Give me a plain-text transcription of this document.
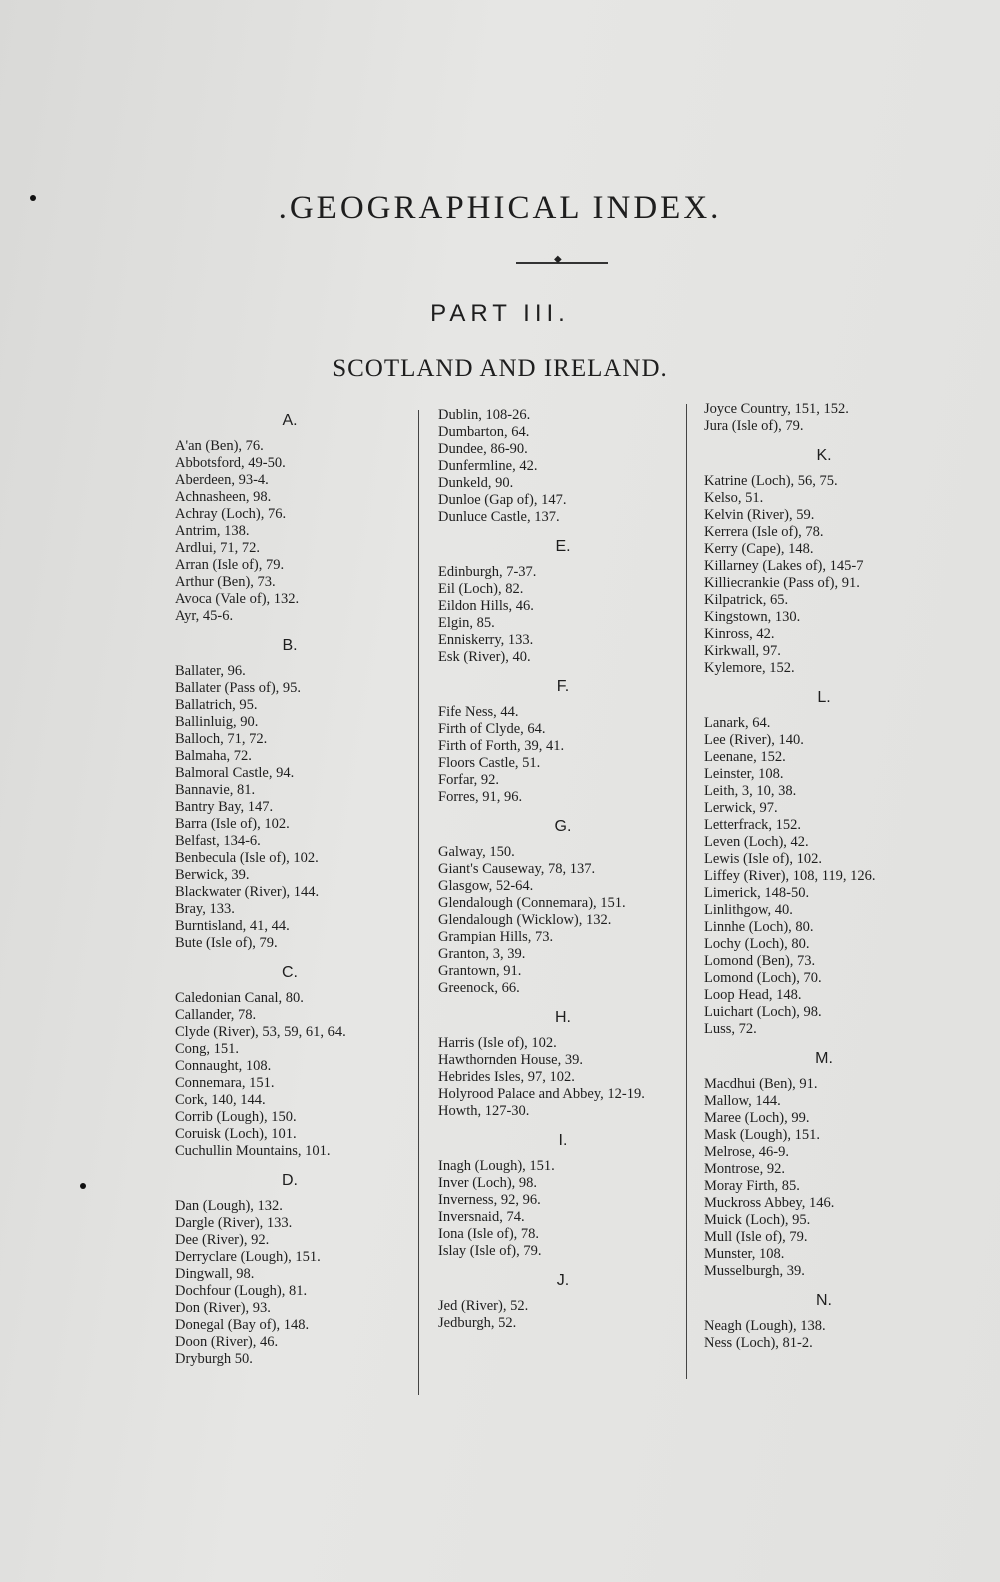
.GEOGRAPHICAL INDEX.
◆
PART III.
SCOTLAND AND IRELAND.
A.
A'an (Ben), 76.
Abbotsford, 49-50.
Aberdeen, 93-4.
Achnasheen, 98.
Achray (Loch), 76.
Antrim, 138.
Ardlui, 71, 72.
Arran (Isle of), 79.
Arthur (Ben), 73.
Avoca (Vale of), 132.
Ayr, 45-6.
B.
Ballater, 96.
Ballater (Pass of), 95.
Ballatrich, 95.
Ballinluig, 90.
Balloch, 71, 72.
Balmaha, 72.
Balmoral Castle, 94.
Bannavie, 81.
Bantry Bay, 147.
Barra (Isle of), 102.
Belfast, 134-6.
Benbecula (Isle of), 102.
Berwick, 39.
Blackwater (River), 144.
Bray, 133.
Burntisland, 41, 44.
Bute (Isle of), 79.
C.
Caledonian Canal, 80.
Callander, 78.
Clyde (River), 53, 59, 61, 64.
Cong, 151.
Connaught, 108.
Connemara, 151.
Cork, 140, 144.
Corrib (Lough), 150.
Coruisk (Loch), 101.
Cuchullin Mountains, 101.
D.
Dan (Lough), 132.
Dargle (River), 133.
Dee (River), 92.
Derryclare (Lough), 151.
Dingwall, 98.
Dochfour (Lough), 81.
Don (River), 93.
Donegal (Bay of), 148.
Doon (River), 46.
Dryburgh 50.
Dublin, 108-26.
Dumbarton, 64.
Dundee, 86-90.
Dunfermline, 42.
Dunkeld, 90.
Dunloe (Gap of), 147.
Dunluce Castle, 137.
E.
Edinburgh, 7-37.
Eil (Loch), 82.
Eildon Hills, 46.
Elgin, 85.
Enniskerry, 133.
Esk (River), 40.
F.
Fife Ness, 44.
Firth of Clyde, 64.
Firth of Forth, 39, 41.
Floors Castle, 51.
Forfar, 92.
Forres, 91, 96.
G.
Galway, 150.
Giant's Causeway, 78, 137.
Glasgow, 52-64.
Glendalough (Connemara), 151.
Glendalough (Wicklow), 132.
Grampian Hills, 73.
Granton, 3, 39.
Grantown, 91.
Greenock, 66.
H.
Harris (Isle of), 102.
Hawthornden House, 39.
Hebrides Isles, 97, 102.
Holyrood Palace and Abbey, 12-19.
Howth, 127-30.
I.
Inagh (Lough), 151.
Inver (Loch), 98.
Inverness, 92, 96.
Inversnaid, 74.
Iona (Isle of), 78.
Islay (Isle of), 79.
J.
Jed (River), 52.
Jedburgh, 52.
Joyce Country, 151, 152.
Jura (Isle of), 79.
K.
Katrine (Loch), 56, 75.
Kelso, 51.
Kelvin (River), 59.
Kerrera (Isle of), 78.
Kerry (Cape), 148.
Killarney (Lakes of), 145-7
Killiecrankie (Pass of), 91.
Kilpatrick, 65.
Kingstown, 130.
Kinross, 42.
Kirkwall, 97.
Kylemore, 152.
L.
Lanark, 64.
Lee (River), 140.
Leenane, 152.
Leinster, 108.
Leith, 3, 10, 38.
Lerwick, 97.
Letterfrack, 152.
Leven (Loch), 42.
Lewis (Isle of), 102.
Liffey (River), 108, 119, 126.
Limerick, 148-50.
Linlithgow, 40.
Linnhe (Loch), 80.
Lochy (Loch), 80.
Lomond (Ben), 73.
Lomond (Loch), 70.
Loop Head, 148.
Luichart (Loch), 98.
Luss, 72.
M.
Macdhui (Ben), 91.
Mallow, 144.
Maree (Loch), 99.
Mask (Lough), 151.
Melrose, 46-9.
Montrose, 92.
Moray Firth, 85.
Muckross Abbey, 146.
Muick (Loch), 95.
Mull (Isle of), 79.
Munster, 108.
Musselburgh, 39.
N.
Neagh (Lough), 138.
Ness (Loch), 81-2.
